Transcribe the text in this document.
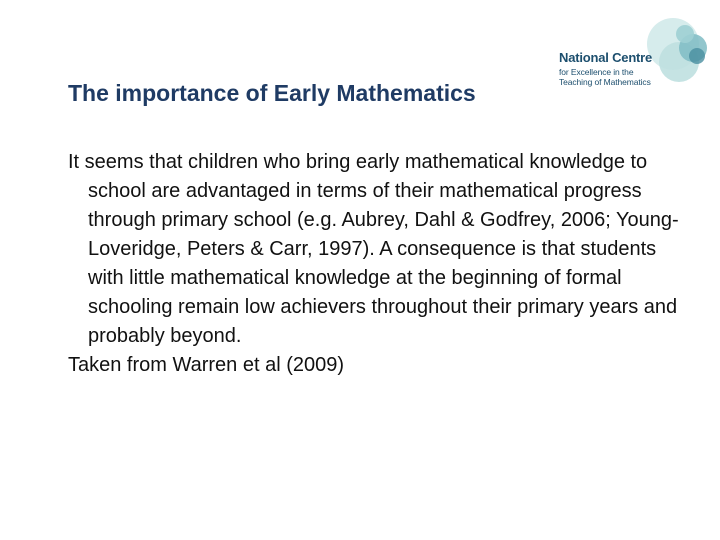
National Centre
for Excellence in the
Teaching of Mathematics
The importance of Early Mathematics

It seems that children who bring early mathematical knowledge to school are advantaged in terms of their mathematical progress through primary school (e.g. Aubrey, Dahl & Godfrey, 2006; Young-Loveridge, Peters & Carr, 1997). A consequence is that students with little mathematical knowledge at the beginning of formal schooling remain low achievers throughout their primary years and probably beyond.

Taken from Warren et al (2009)
